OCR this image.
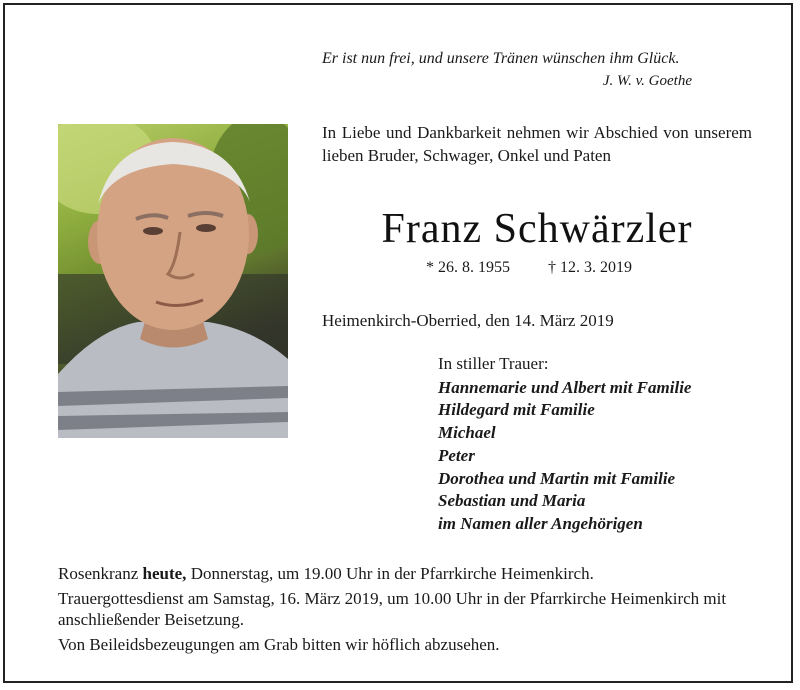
Er ist nun frei, und unsere Tränen wünschen ihm Glück.
J. W. v. Goethe
In Liebe und Dankbarkeit nehmen wir Abschied von unserem lieben Bruder, Schwager, Onkel und Paten
Franz Schwärzler
* 26. 8. 1955 † 12. 3. 2019
Heimenkirch-Oberried, den 14. März 2019
In stiller Trauer:
Hannemarie und Albert mit Familie
Hildegard mit Familie
Michael
Peter
Dorothea und Martin mit Familie
Sebastian und Maria
im Namen aller Angehörigen

Rosenkranz heute, Donnerstag, um 19.00 Uhr in der Pfarrkirche Heimenkirch.

Trauergottesdienst am Samstag, 16. März 2019, um 10.00 Uhr in der Pfarrkirche Heimenkirch mit anschließender Beisetzung.

Von Beileidsbezeugungen am Grab bitten wir höflich abzusehen.
